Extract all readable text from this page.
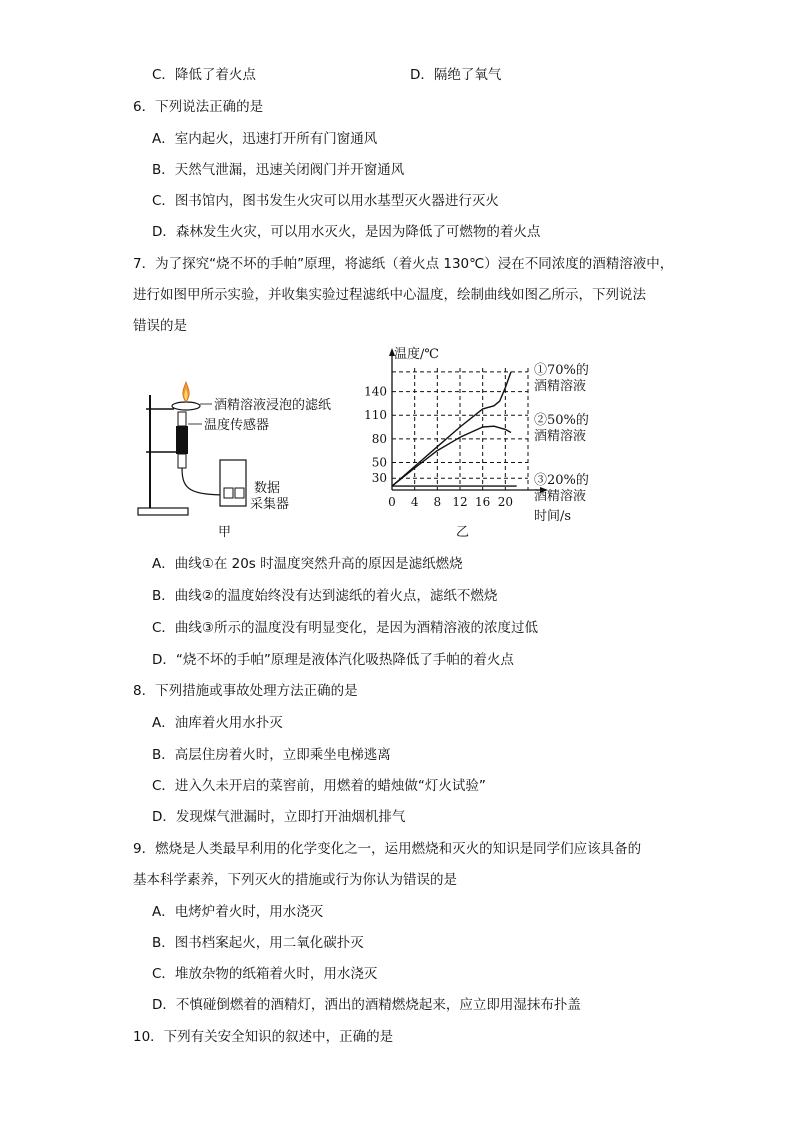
C．降低了着火点	D．隔绝了氧气
6．下列说法正确的是
A．室内起火，迅速打开所有门窗通风
B．天然气泄漏，迅速关闭阀门并开窗通风
C．图书馆内，图书发生火灾可以用水基型灭火器进行灭火
D．森林发生火灾，可以用水灭火，是因为降低了可燃物的着火点
7．为了探究“烧不坏的手帕”原理，将滤纸（着火点 130℃）浸在不同浓度的酒精溶液中，
进行如图甲所示实验，并收集实验过程滤纸中心温度，绘制曲线如图乙所示，下列说法
错误的是
酒精溶液浸泡的滤纸
温度传感器
数据
采集器
甲
温度/℃
时间/s
0 4 8 12 16 20
30
50
80
110
140
①70%的
酒精溶液
②50%的
酒精溶液
③20%的
酒精溶液
乙
A．曲线①在 20s 时温度突然升高的原因是滤纸燃烧
B．曲线②的温度始终没有达到滤纸的着火点，滤纸不燃烧
C．曲线③所示的温度没有明显变化，是因为酒精溶液的浓度过低
D．“烧不坏的手帕”原理是液体汽化吸热降低了手帕的着火点
8．下列措施或事故处理方法正确的是
A．油库着火用水扑灭
B．高层住房着火时，立即乘坐电梯逃离
C．进入久未开启的菜窖前，用燃着的蜡烛做“灯火试验”
D．发现煤气泄漏时，立即打开油烟机排气
9．燃烧是人类最早利用的化学变化之一，运用燃烧和灭火的知识是同学们应该具备的
基本科学素养，下列灭火的措施或行为你认为错误的是
A．电烤炉着火时，用水浇灭
B．图书档案起火，用二氧化碳扑灭
C．堆放杂物的纸箱着火时，用水浇灭
D．不慎碰倒燃着的酒精灯，洒出的酒精燃烧起来，应立即用湿抹布扑盖
10．下列有关安全知识的叙述中，正确的是
